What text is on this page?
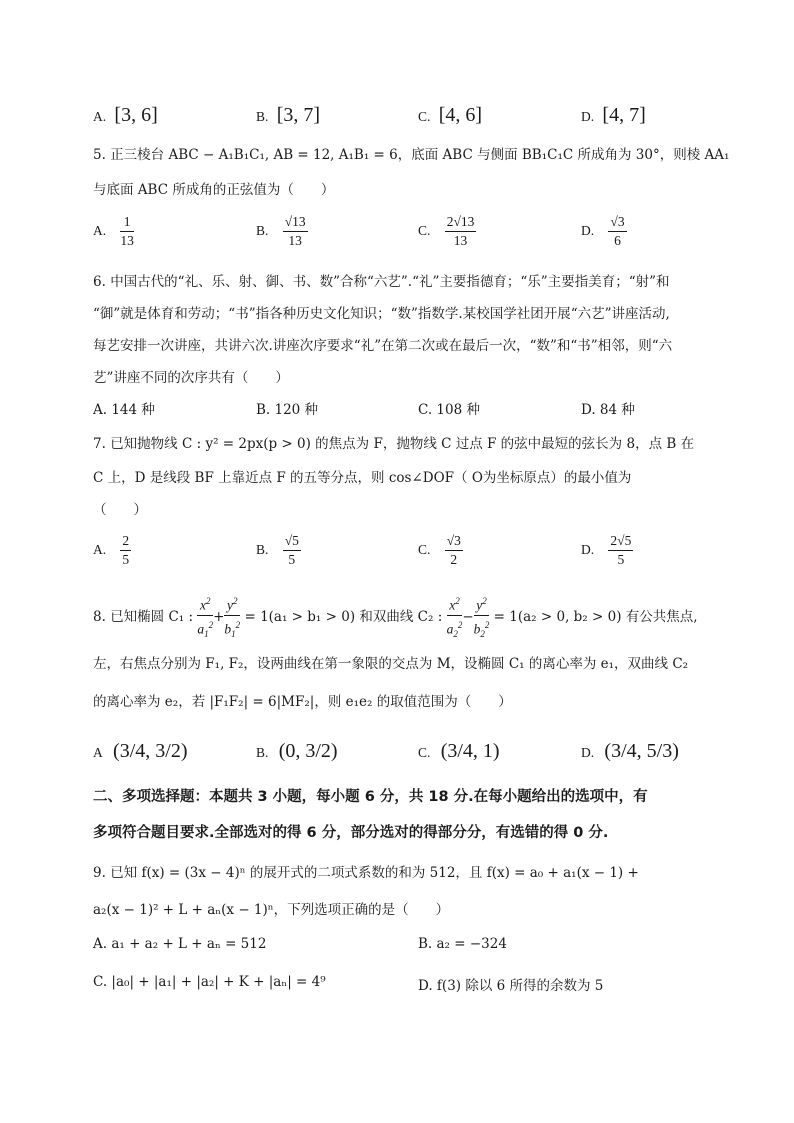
A. [3, 6]	B. [3, 7]	C. [4, 6]	D. [4, 7]
5. 正三棱台 ABC − A₁B₁C₁, AB = 12, A₁B₁ = 6，底面 ABC 与侧面 BB₁C₁C 所成角为 30°，则棱 AA₁
与底面 ABC 所成角的正弦值为（　　）
A. $\frac{1}{13}$	B. $\frac{√13}{13}$	C. $\frac{2√13}{13}$	D. $\frac{√3}{6}$
6. 中国古代的“礼、乐、射、御、书、数”合称“六艺”.“礼”主要指德育；“乐”主要指美育；“射”和
“御”就是体育和劳动；“书”指各种历史文化知识；“数”指数学.某校国学社团开展“六艺”讲座活动,
每艺安排一次讲座，共讲六次.讲座次序要求“礼”在第二次或在最后一次，“数”和“书”相邻，则“六
艺”讲座不同的次序共有（　　）
A. 144 种	B. 120 种	C. 108 种	D. 84 种
7. 已知抛物线 C : y² = 2px(p > 0) 的焦点为 F，抛物线 C 过点 F 的弦中最短的弦长为 8，点 B 在
C 上，D 是线段 BF 上靠近点 F 的五等分点，则 cos∠DOF（ O为坐标原点）的最小值为
（　　）
A. $\frac{2}{5}$	B. $\frac{√5}{5}$	C. $\frac{√3}{2}$	D. $\frac{2√5}{5}$
8. 已知椭圆 C₁ : $\frac{x^2}{a_1^2} + \frac{y^2}{b_1^2} = 1(a_1 > b_1 > 0)$ 和双曲线 C₂ : $\frac{x^2}{a_2^2} - \frac{y^2}{b_2^2} = 1(a_2 > 0$, b₂ > 0) 有公共焦点,
左，右焦点分别为 F₁, F₂，设两曲线在第一象限的交点为 M，设椭圆 C₁ 的离心率为 e₁，双曲线 C₂
的离心率为 e₂，若 |F₁F₂| = 6|MF₂|，则 e₁e₂ 的取值范围为（　　）
A (3/4, 3/2)	B. (0, 3/2)	C. (3/4, 1)	D. (3/4, 5/3)
二、多项选择题：本题共 3 小题，每小题 6 分，共 18 分.在每小题给出的选项中，有
多项符合题目要求.全部选对的得 6 分，部分选对的得部分分，有选错的得 0 分.
9. 已知 f(x) = (3x − 4)ⁿ 的展开式的二项式系数的和为 512，且 f(x) = a₀ + a₁(x − 1) +
a₂(x − 1)² + L + aₙ(x − 1)ⁿ，下列选项正确的是（　　）
A. a₁ + a₂ + L + aₙ = 512	B. a₂ = −324
C. |a₀| + |a₁| + |a₂| + K + |aₙ| = 4⁹	D. f(3) 除以 6 所得的余数为 5
